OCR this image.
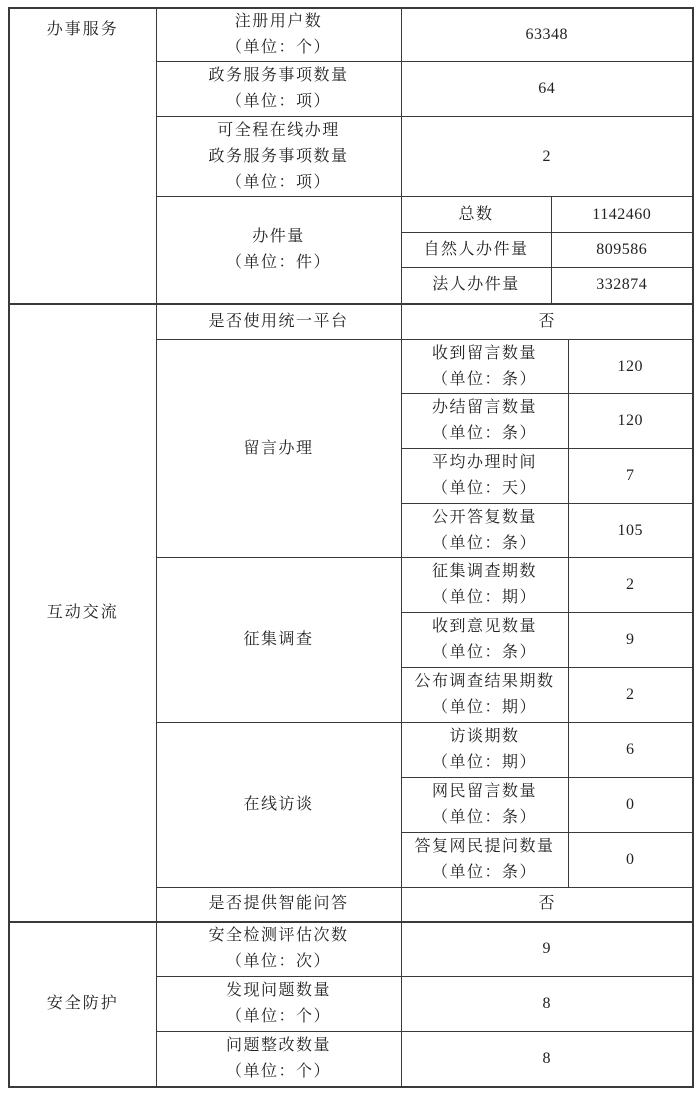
办事服务	注册用户数
（单位：个）	63348		

	政务服务事项数量
（单位：项）	64		

	可全程在线办理
政务服务事项数量
（单位：项）	2		

	办件量
（单位：件）	总数	1142460	

		自然人办件量	809586	

		法人办件量	332874	

互动交流	是否使用统一平台	否		

	留言办理	收到留言数量
（单位：条）		120

		办结留言数量
（单位：条）		120

		平均办理时间
（单位：天）		7

		公开答复数量
（单位：条）		105

	征集调查	征集调查期数
（单位：期）		2

		收到意见数量
（单位：条）		9

		公布调查结果期数
（单位：期）		2

	在线访谈	访谈期数
（单位：期）		6

		网民留言数量
（单位：条）		0

		答复网民提问数量
（单位：条）		0

	是否提供智能问答	否		

安全防护	安全检测评估次数
（单位：次）	9		

	发现问题数量
（单位：个）	8		

	问题整改数量
（单位：个）	8		
